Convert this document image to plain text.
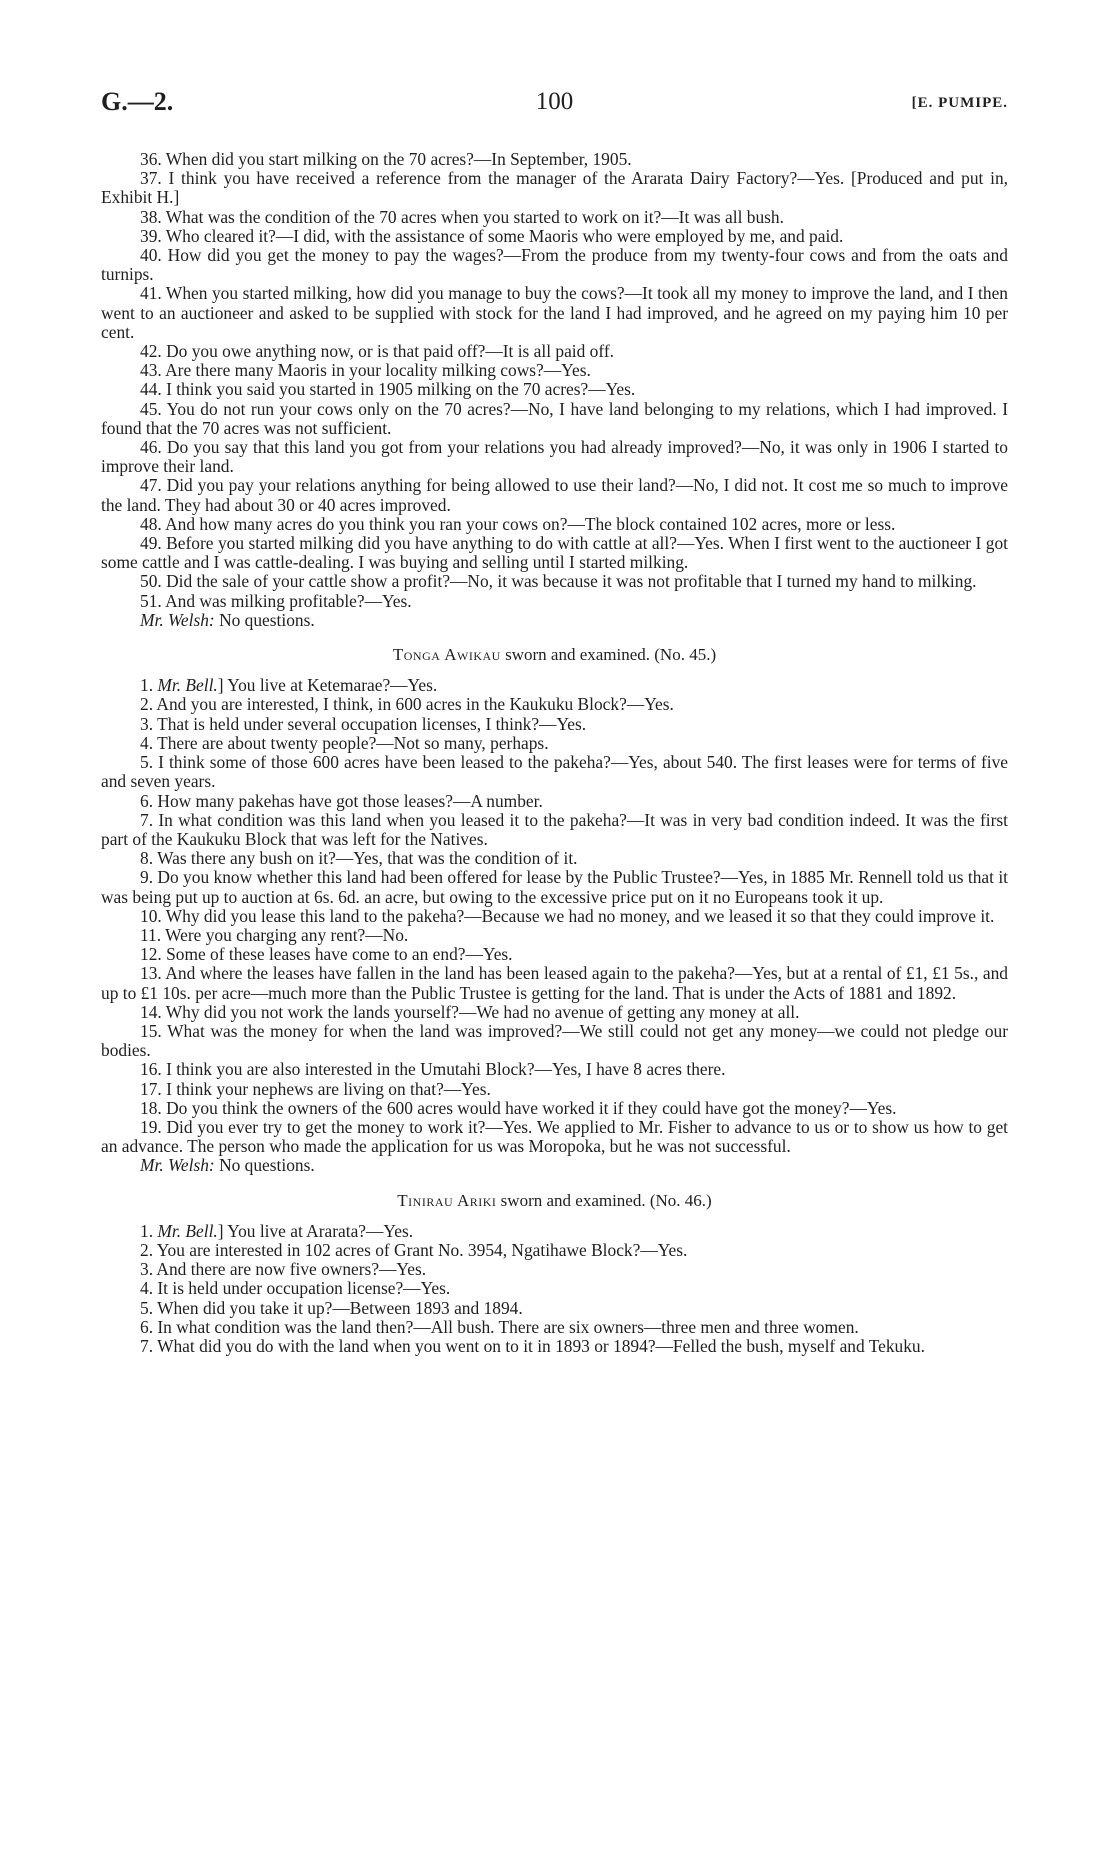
G.—2.	100	[E. PUMIPE.

36. When did you start milking on the 70 acres?—In September, 1905.

37. I think you have received a reference from the manager of the Ararata Dairy Factory?—Yes. [Produced and put in, Exhibit H.]

38. What was the condition of the 70 acres when you started to work on it?—It was all bush.

39. Who cleared it?—I did, with the assistance of some Maoris who were employed by me, and paid.

40. How did you get the money to pay the wages?—From the produce from my twenty-four cows and from the oats and turnips.

41. When you started milking, how did you manage to buy the cows?—It took all my money to improve the land, and I then went to an auctioneer and asked to be supplied with stock for the land I had improved, and he agreed on my paying him 10 per cent.

42. Do you owe anything now, or is that paid off?—It is all paid off.

43. Are there many Maoris in your locality milking cows?—Yes.

44. I think you said you started in 1905 milking on the 70 acres?—Yes.

45. You do not run your cows only on the 70 acres?—No, I have land belonging to my relations, which I had improved. I found that the 70 acres was not sufficient.

46. Do you say that this land you got from your relations you had already improved?—No, it was only in 1906 I started to improve their land.

47. Did you pay your relations anything for being allowed to use their land?—No, I did not. It cost me so much to improve the land. They had about 30 or 40 acres improved.

48. And how many acres do you think you ran your cows on?—The block contained 102 acres, more or less.

49. Before you started milking did you have anything to do with cattle at all?—Yes. When I first went to the auctioneer I got some cattle and I was cattle-dealing. I was buying and selling until I started milking.

50. Did the sale of your cattle show a profit?—No, it was because it was not profitable that I turned my hand to milking.

51. And was milking profitable?—Yes.

Mr. Welsh: No questions.

Tonga Awikau sworn and examined. (No. 45.)

1. Mr. Bell.] You live at Ketemarae?—Yes.

2. And you are interested, I think, in 600 acres in the Kaukuku Block?—Yes.

3. That is held under several occupation licenses, I think?—Yes.

4. There are about twenty people?—Not so many, perhaps.

5. I think some of those 600 acres have been leased to the pakeha?—Yes, about 540. The first leases were for terms of five and seven years.

6. How many pakehas have got those leases?—A number.

7. In what condition was this land when you leased it to the pakeha?—It was in very bad condition indeed. It was the first part of the Kaukuku Block that was left for the Natives.

8. Was there any bush on it?—Yes, that was the condition of it.

9. Do you know whether this land had been offered for lease by the Public Trustee?—Yes, in 1885 Mr. Rennell told us that it was being put up to auction at 6s. 6d. an acre, but owing to the excessive price put on it no Europeans took it up.

10. Why did you lease this land to the pakeha?—Because we had no money, and we leased it so that they could improve it.

11. Were you charging any rent?—No.

12. Some of these leases have come to an end?—Yes.

13. And where the leases have fallen in the land has been leased again to the pakeha?—Yes, but at a rental of £1, £1 5s., and up to £1 10s. per acre—much more than the Public Trustee is getting for the land. That is under the Acts of 1881 and 1892.

14. Why did you not work the lands yourself?—We had no avenue of getting any money at all.

15. What was the money for when the land was improved?—We still could not get any money—we could not pledge our bodies.

16. I think you are also interested in the Umutahi Block?—Yes, I have 8 acres there.

17. I think your nephews are living on that?—Yes.

18. Do you think the owners of the 600 acres would have worked it if they could have got the money?—Yes.

19. Did you ever try to get the money to work it?—Yes. We applied to Mr. Fisher to advance to us or to show us how to get an advance. The person who made the application for us was Moropoka, but he was not successful.

Mr. Welsh: No questions.

Tinirau Ariki sworn and examined. (No. 46.)

1. Mr. Bell.] You live at Ararata?—Yes.

2. You are interested in 102 acres of Grant No. 3954, Ngatihawe Block?—Yes.

3. And there are now five owners?—Yes.

4. It is held under occupation license?—Yes.

5. When did you take it up?—Between 1893 and 1894.

6. In what condition was the land then?—All bush. There are six owners—three men and three women.

7. What did you do with the land when you went on to it in 1893 or 1894?—Felled the bush, myself and Tekuku.
